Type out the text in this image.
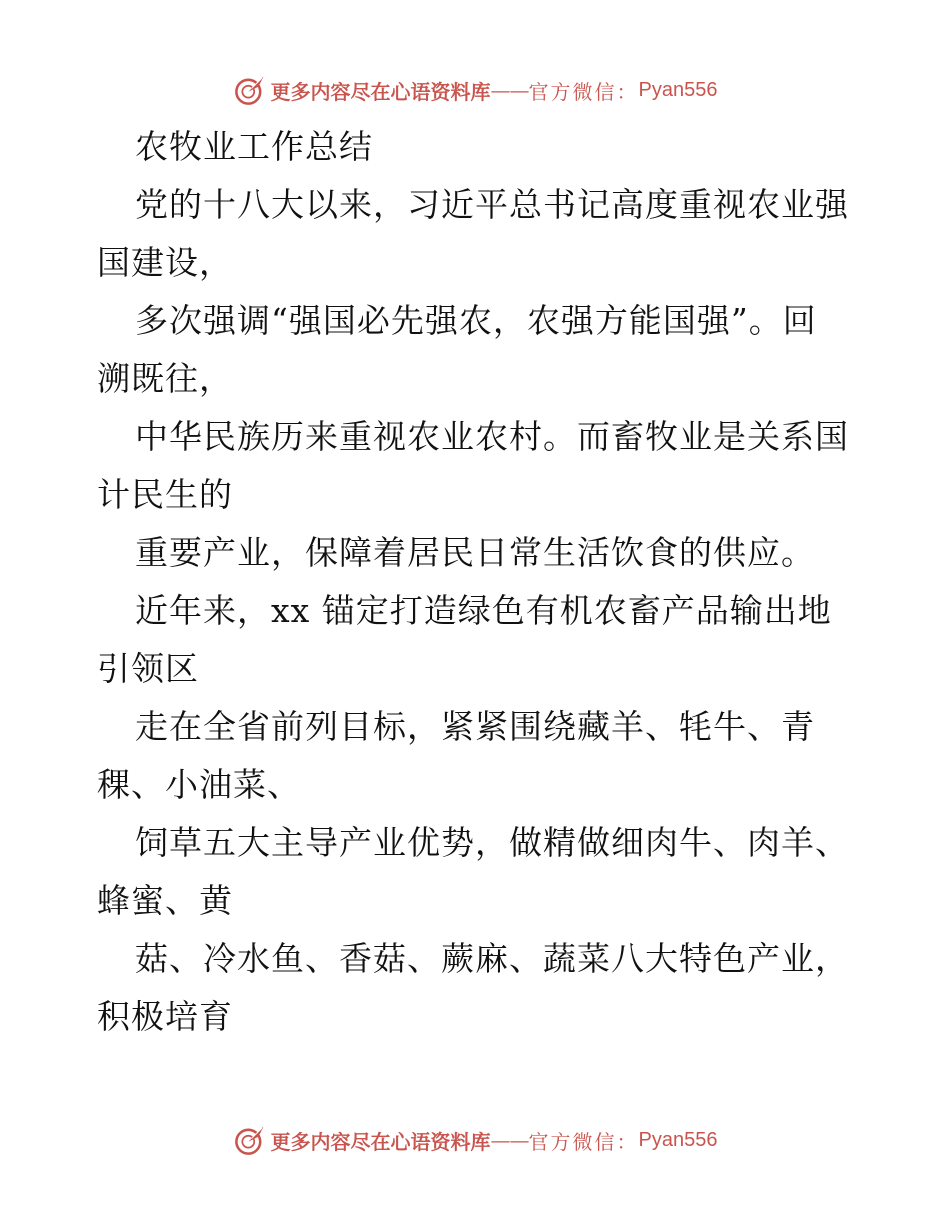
更多内容尽在心语资料库 —— 官方微信： Pyan556
农牧业工作总结
党的十八大以来，习近平总书记高度重视农业强
国建设，
多次强调“强国必先强农，农强方能国强”。回
溯既往，
中华民族历来重视农业农村。而畜牧业是关系国
计民生的
重要产业，保障着居民日常生活饮食的供应。
近年来，xx 锚定打造绿色有机农畜产品输出地
引领区
走在全省前列目标，紧紧围绕藏羊、牦牛、青
稞、小油菜、
饲草五大主导产业优势，做精做细肉牛、肉羊、
蜂蜜、黄
菇、冷水鱼、香菇、蕨麻、蔬菜八大特色产业，
积极培育
更多内容尽在心语资料库 —— 官方微信： Pyan556
